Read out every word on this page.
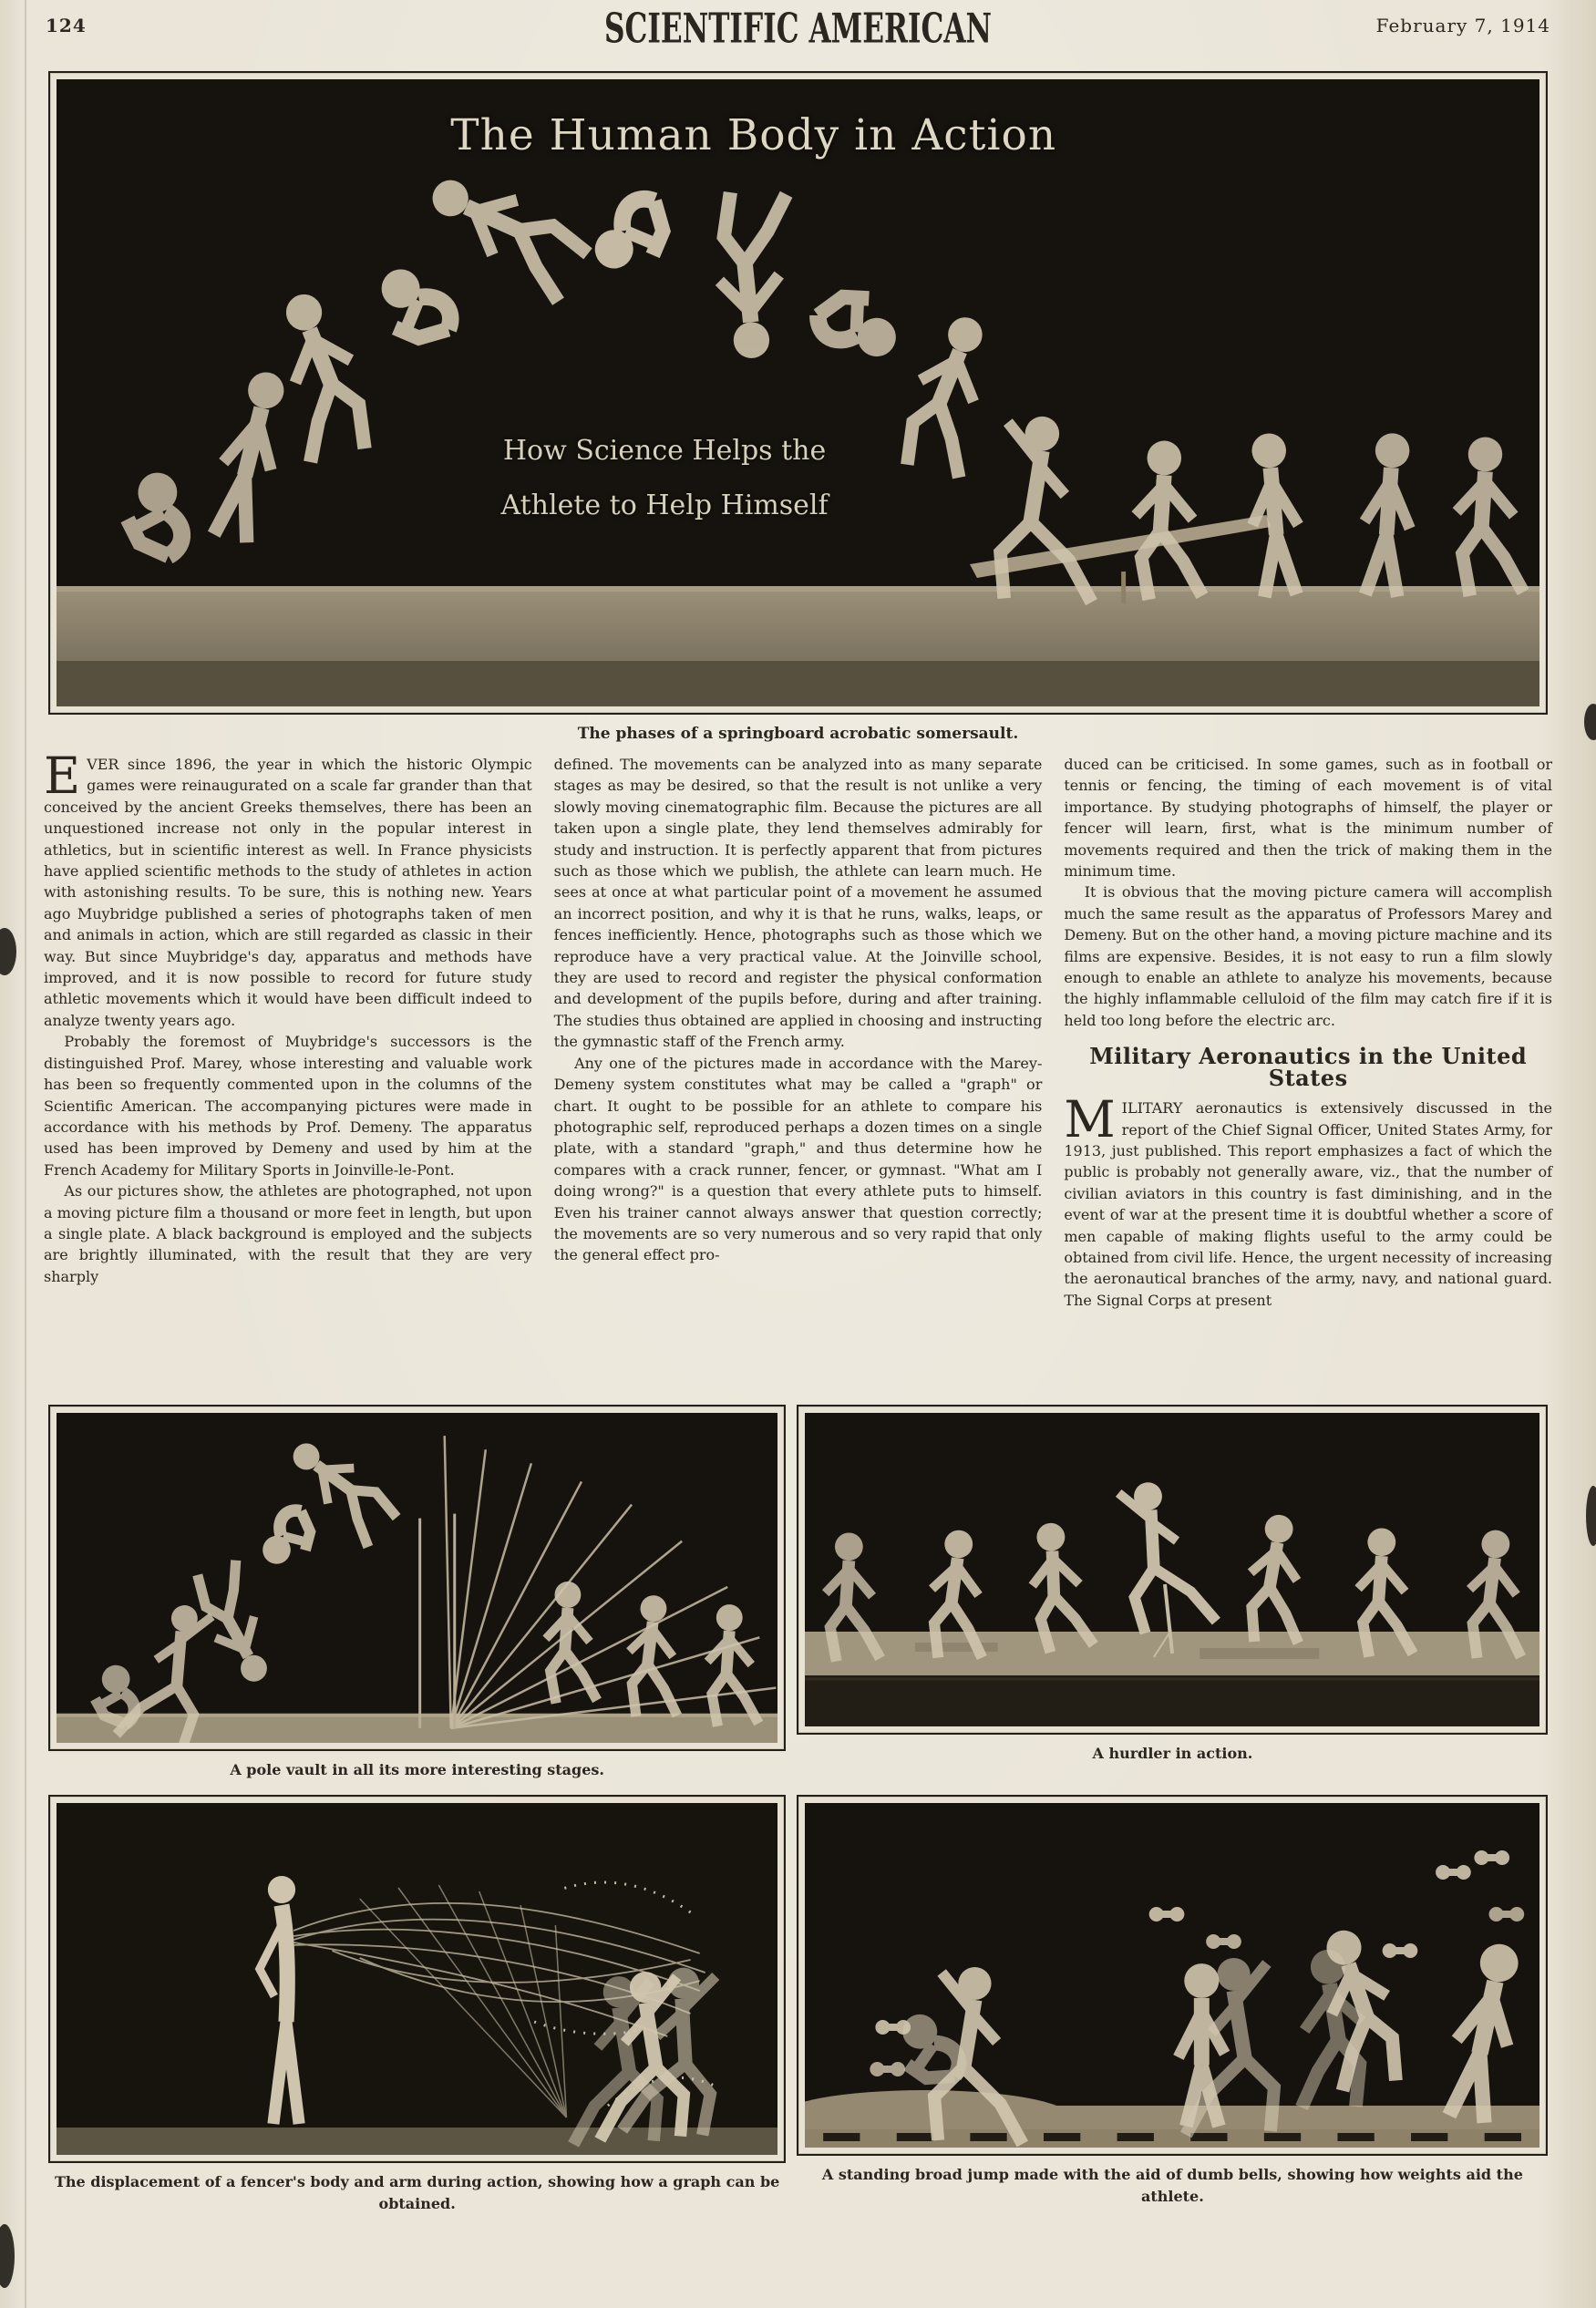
124	SCIENTIFIC AMERICAN	February 7, 1914
The Human Body in Action
How Science Helps the
Athlete to Help Himself
The phases of a springboard acrobatic somersault.

EVER since 1896, the year in which the historic Olympic games were reinaugurated on a scale far grander than that conceived by the ancient Greeks themselves, there has been an unquestioned increase not only in the popular interest in athletics, but in scientific interest as well. In France physicists have applied scientific methods to the study of athletes in action with astonishing results. To be sure, this is nothing new. Years ago Muybridge published a series of photographs taken of men and animals in action, which are still regarded as classic in their way. But since Muybridge's day, apparatus and methods have improved, and it is now possible to record for future study athletic movements which it would have been difficult indeed to analyze twenty years ago.

Probably the foremost of Muybridge's successors is the distinguished Prof. Marey, whose interesting and valuable work has been so frequently commented upon in the columns of the Scientific American. The accompanying pictures were made in accordance with his methods by Prof. Demeny. The apparatus used has been improved by Demeny and used by him at the French Academy for Military Sports in Joinville-le-Pont.

As our pictures show, the athletes are photographed, not upon a moving picture film a thousand or more feet in length, but upon a single plate. A black background is employed and the subjects are brightly illuminated, with the result that they are very sharply

defined. The movements can be analyzed into as many separate stages as may be desired, so that the result is not unlike a very slowly moving cinematographic film. Because the pictures are all taken upon a single plate, they lend themselves admirably for study and instruction. It is perfectly apparent that from pictures such as those which we publish, the athlete can learn much. He sees at once at what particular point of a movement he assumed an incorrect position, and why it is that he runs, walks, leaps, or fences inefficiently. Hence, photographs such as those which we reproduce have a very practical value. At the Joinville school, they are used to record and register the physical conformation and development of the pupils before, during and after training. The studies thus obtained are applied in choosing and instructing the gymnastic staff of the French army.

Any one of the pictures made in accordance with the Marey-Demeny system constitutes what may be called a "graph" or chart. It ought to be possible for an athlete to compare his photographic self, reproduced perhaps a dozen times on a single plate, with a standard "graph," and thus determine how he compares with a crack runner, fencer, or gymnast. "What am I doing wrong?" is a question that every athlete puts to himself. Even his trainer cannot always answer that question correctly; the movements are so very numerous and so very rapid that only the general effect pro-

duced can be criticised. In some games, such as in football or tennis or fencing, the timing of each movement is of vital importance. By studying photographs of himself, the player or fencer will learn, first, what is the minimum number of movements required and then the trick of making them in the minimum time.

It is obvious that the moving picture camera will accomplish much the same result as the apparatus of Professors Marey and Demeny. But on the other hand, a moving picture machine and its films are expensive. Besides, it is not easy to run a film slowly enough to enable an athlete to analyze his movements, because the highly inflammable celluloid of the film may catch fire if it is held too long before the electric arc.

Military Aeronautics in the United States

MILITARY aeronautics is extensively discussed in the report of the Chief Signal Officer, United States Army, for 1913, just published. This report emphasizes a fact of which the public is probably not generally aware, viz., that the number of civilian aviators in this country is fast diminishing, and in the event of war at the present time it is doubtful whether a score of men capable of making flights useful to the army could be obtained from civil life. Hence, the urgent necessity of increasing the aeronautical branches of the army, navy, and national guard. The Signal Corps at present

A pole vault in all its more interesting stages.
A hurdler in action.
The displacement of a fencer's body and arm during action, showing how a graph can be obtained.
A standing broad jump made with the aid of dumb bells, showing how weights aid the athlete.
